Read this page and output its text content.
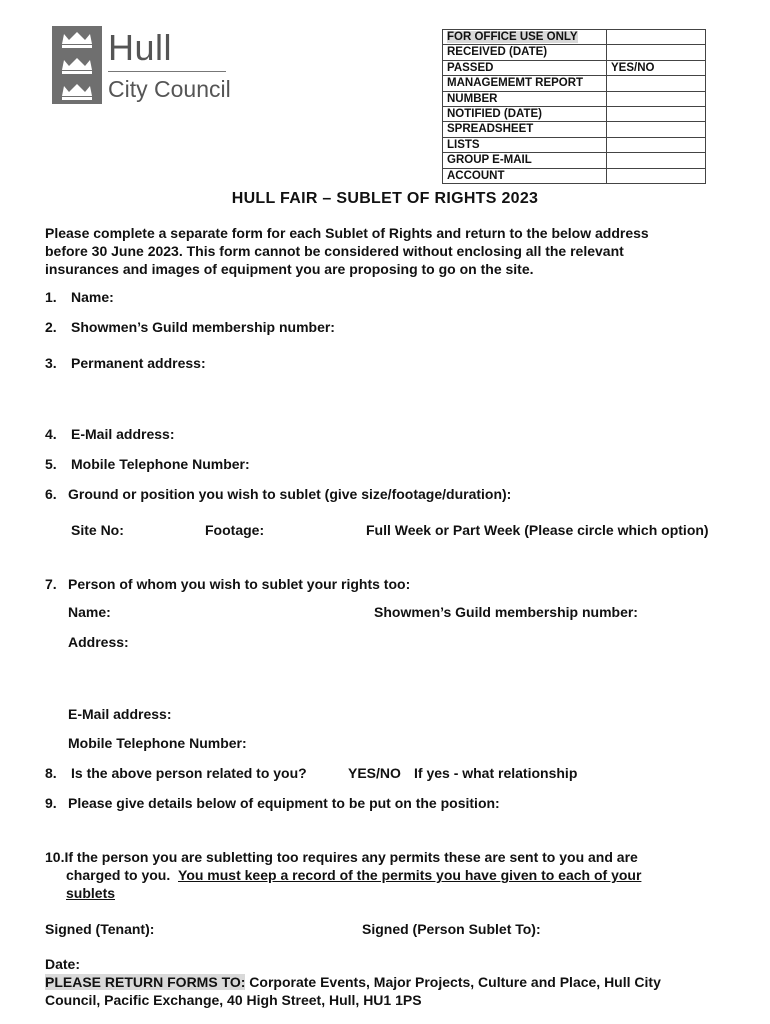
Hull
City Council
FOR OFFICE USE ONLY	
RECEIVED (DATE)	
PASSED	YES/NO
MANAGEMEMT REPORT	
NUMBER	
NOTIFIED (DATE)	
SPREADSHEET	
LISTS	
GROUP E-MAIL	
ACCOUNT	
HULL FAIR – SUBLET OF RIGHTS 2023
Please complete a separate form for each Sublet of Rights and return to the below address
before 30 June 2023. This form cannot be considered without enclosing all the relevant
insurances and images of equipment you are proposing to go on the site.
1. Name:
2. Showmen’s Guild membership number:
3. Permanent address:
4. E-Mail address:
5. Mobile Telephone Number:
6. Ground or position you wish to sublet (give size/footage/duration):
Site No:	Footage:	Full Week or Part Week (Please circle which option)
7. Person of whom you wish to sublet your rights too:
Name:	Showmen’s Guild membership number:
Address:
E-Mail address:
Mobile Telephone Number:
8. Is the above person related to you?	YES/NO If yes - what relationship
9. Please give details below of equipment to be put on the position:
10.If the person you are subletting too requires any permits these are sent to you and are
charged to you. You must keep a record of the permits you have given to each of your
sublets
Signed (Tenant):	Signed (Person Sublet To):
Date:
PLEASE RETURN FORMS TO: Corporate Events, Major Projects, Culture and Place, Hull City
Council, Pacific Exchange, 40 High Street, Hull, HU1 1PS
